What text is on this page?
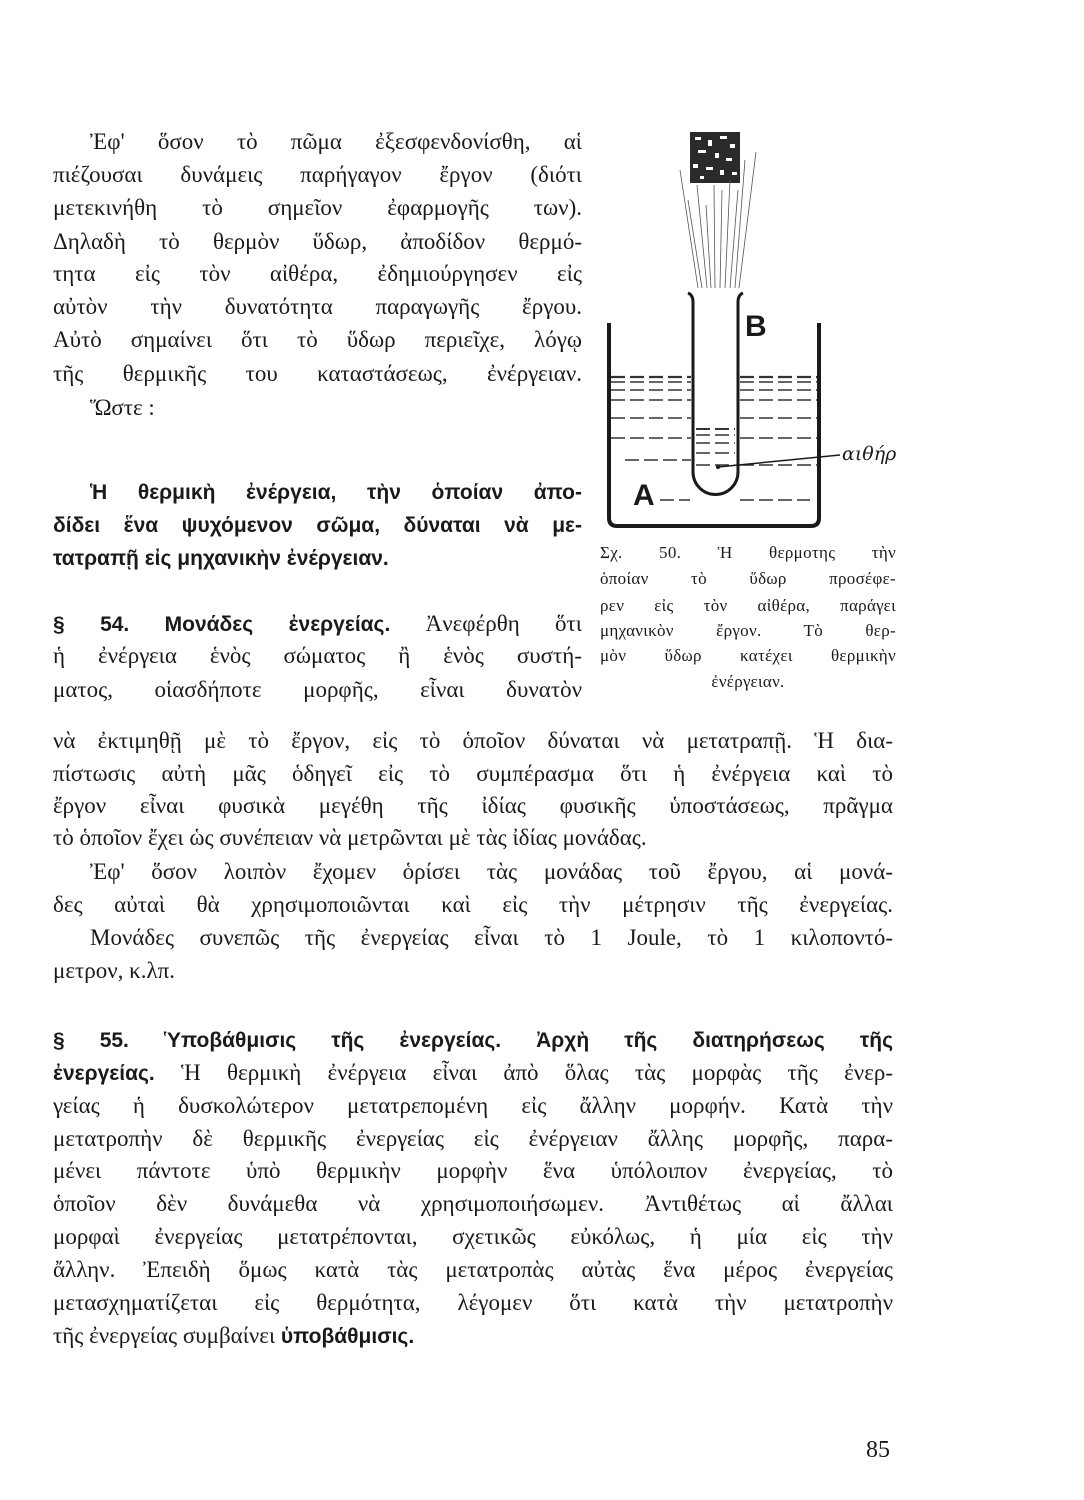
Ἐφ' ὅσον τὸ πῶμα ἐξεσφενδονίσθη, αἱ
πιέζουσαι δυνάμεις παρήγαγον ἔργον (διότι
μετεκινήθη τὸ σημεῖον ἐφαρμογῆς των).
Δηλαδὴ τὸ θερμὸν ὕδωρ, ἀποδίδον θερμό-
τητα εἰς τὸν αἰθέρα, ἐδημιούργησεν εἰς
αὐτὸν τὴν δυνατότητα παραγωγῆς ἔργου.
Αὐτὸ σημαίνει ὅτι τὸ ὕδωρ περιεῖχε, λόγῳ
τῆς θερμικῆς του καταστάσεως, ἐνέργειαν.
Ὥστε :
Ἡ θερμικὴ ἐνέργεια, τὴν ὁποίαν ἀπο-
δίδει ἕνα ψυχόμενον σῶμα, δύναται νὰ με-
τατραπῇ εἰς μηχανικὴν ἐνέργειαν.
§ 54. Μονάδες ἐνεργείας. Ἀνεφέρθη ὅτι
ἡ ἐνέργεια ἑνὸς σώματος ἢ ἑνὸς συστή-
ματος, οἱασδήποτε μορφῆς, εἶναι δυνατὸν
νὰ ἐκτιμηθῇ μὲ τὸ ἔργον, εἰς τὸ ὁποῖον δύναται νὰ μετατραπῇ. Ἡ δια-
πίστωσις αὐτὴ μᾶς ὁδηγεῖ εἰς τὸ συμπέρασμα ὅτι ἡ ἐνέργεια καὶ τὸ
ἔργον εἶναι φυσικὰ μεγέθη τῆς ἰδίας φυσικῆς ὑποστάσεως, πρᾶγμα
τὸ ὁποῖον ἔχει ὡς συνέπειαν νὰ μετρῶνται μὲ τὰς ἰδίας μονάδας.
Ἐφ' ὅσον λοιπὸν ἔχομεν ὁρίσει τὰς μονάδας τοῦ ἔργου, αἱ μονά-
δες αὐταὶ θὰ χρησιμοποιῶνται καὶ εἰς τὴν μέτρησιν τῆς ἐνεργείας.
Μονάδες συνεπῶς τῆς ἐνεργείας εἶναι τὸ 1 Joule, τὸ 1 κιλοποντό-
μετρον, κ.λπ.
§ 55. Ὑποβάθμισις τῆς ἐνεργείας. Ἀρχὴ τῆς διατηρήσεως τῆς
ἐνεργείας. Ἡ θερμικὴ ἐνέργεια εἶναι ἀπὸ ὅλας τὰς μορφὰς τῆς ἐνερ-
γείας ἡ δυσκολώτερον μετατρεπομένη εἰς ἄλλην μορφήν. Κατὰ τὴν
μετατροπὴν δὲ θερμικῆς ἐνεργείας εἰς ἐνέργειαν ἄλλης μορφῆς, παρα-
μένει πάντοτε ὑπὸ θερμικὴν μορφὴν ἕνα ὑπόλοιπον ἐνεργείας, τὸ
ὁποῖον δὲν δυνάμεθα νὰ χρησιμοποιήσωμεν. Ἀντιθέτως αἱ ἄλλαι
μορφαὶ ἐνεργείας μετατρέπονται, σχετικῶς εὐκόλως, ἡ μία εἰς τὴν
ἄλλην. Ἐπειδὴ ὅμως κατὰ τὰς μετατροπὰς αὐτὰς ἕνα μέρος ἐνεργείας
μετασχηματίζεται εἰς θερμότητα, λέγομεν ὅτι κατὰ τὴν μετατροπὴν
τῆς ἐνεργείας συμβαίνει ὑποβάθμισις.
B
A
αιθήρ
Σχ. 50. Ἡ θερμοτης τὴν
ὁποίαν τὸ ὕδωρ προσέφε-
ρεν εἰς τὸν αἰθέρα, παράγει
μηχανικὸν ἔργον. Τὸ θερ-
μὸν ὕδωρ κατέχει θερμικὴν
ἐνέργειαν.
85
